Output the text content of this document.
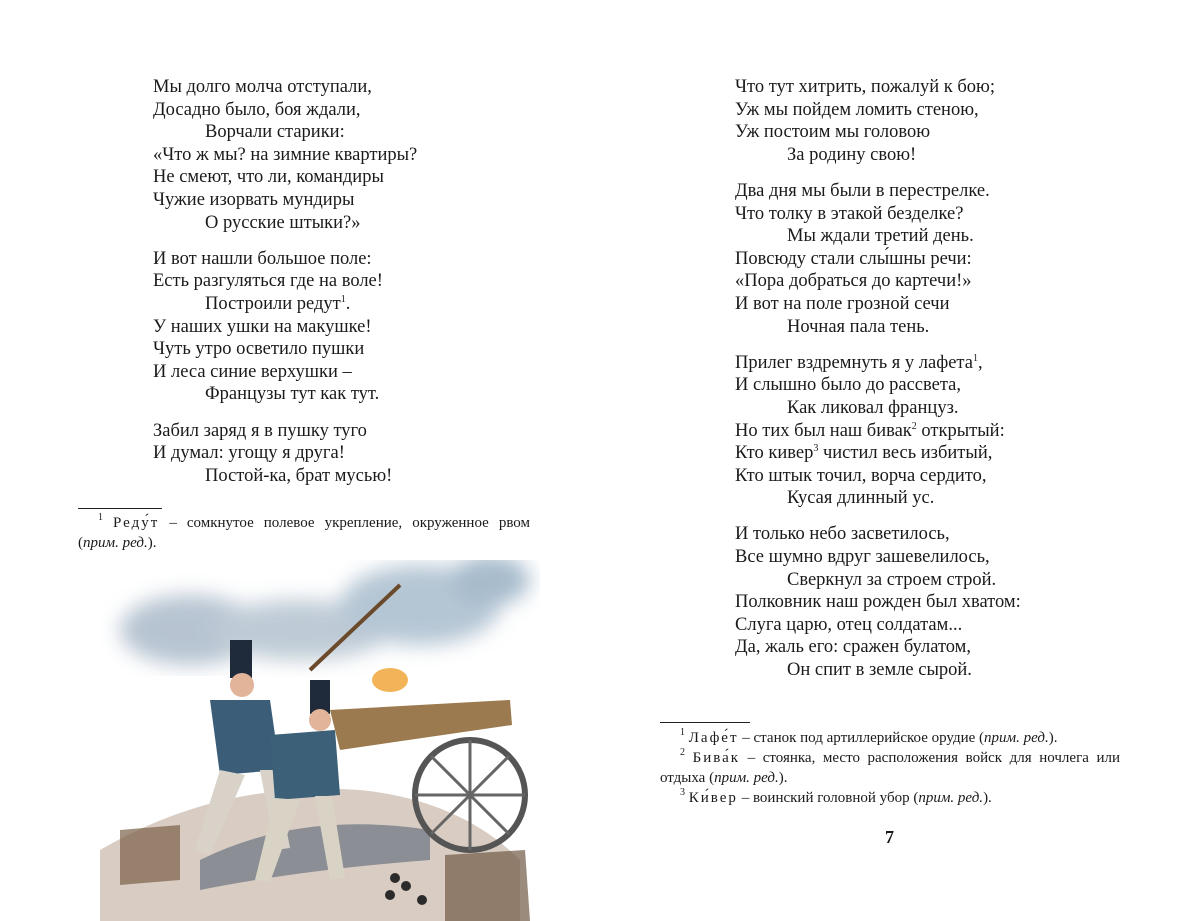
Мы долго молча отступали,
Досадно было, боя ждали,
Ворчали старики:
«Что ж мы? на зимние квартиры?
Не смеют, что ли, командиры
Чужие изорвать мундиры
О русские штыки?»
И вот нашли большое поле:
Есть разгуляться где на воле!
Построили редут$^1$.
У наших ушки на макушке!
Чуть утро осветило пушки
И леса синие верхушки –
Французы тут как тут.
Забил заряд я в пушку туго
И думал: угощу я друга!
Постой-ка, брат мусью!
$^1$ Реду́т – сомкнутое полевое укрепление, окруженное рвом (прим. ред.).
Что тут хитрить, пожалуй к бою;
Уж мы пойдем ломить стеною,
Уж постоим мы головою
За родину свою!
Два дня мы были в перестрелке.
Что толку в этакой безделке?
Мы ждали третий день.
Повсюду стали слы́шны речи:
«Пора добраться до картечи!»
И вот на поле грозной сечи
Ночная пала тень.
Прилег вздремнуть я у лафета$^1$,
И слышно было до рассвета,
Как ликовал француз.
Но тих был наш бивак$^2$ открытый:
Кто кивер$^3$ чистил весь избитый,
Кто штык точил, ворча сердито,
Кусая длинный ус.
И только небо засветилось,
Все шумно вдруг зашевелилось,
Сверкнул за строем строй.
Полковник наш рожден был хватом:
Слуга царю, отец солдатам...
Да, жаль его: сражен булатом,
Он спит в земле сырой.
$^1$ Лафе́т – станок под артиллерийское орудие (прим. ред.).
$^2$ Бива́к – стоянка, место расположения войск для ночлега или отдыха (прим. ред.).
$^3$ Ки́вер – воинский головной убор (прим. ред.).
7
